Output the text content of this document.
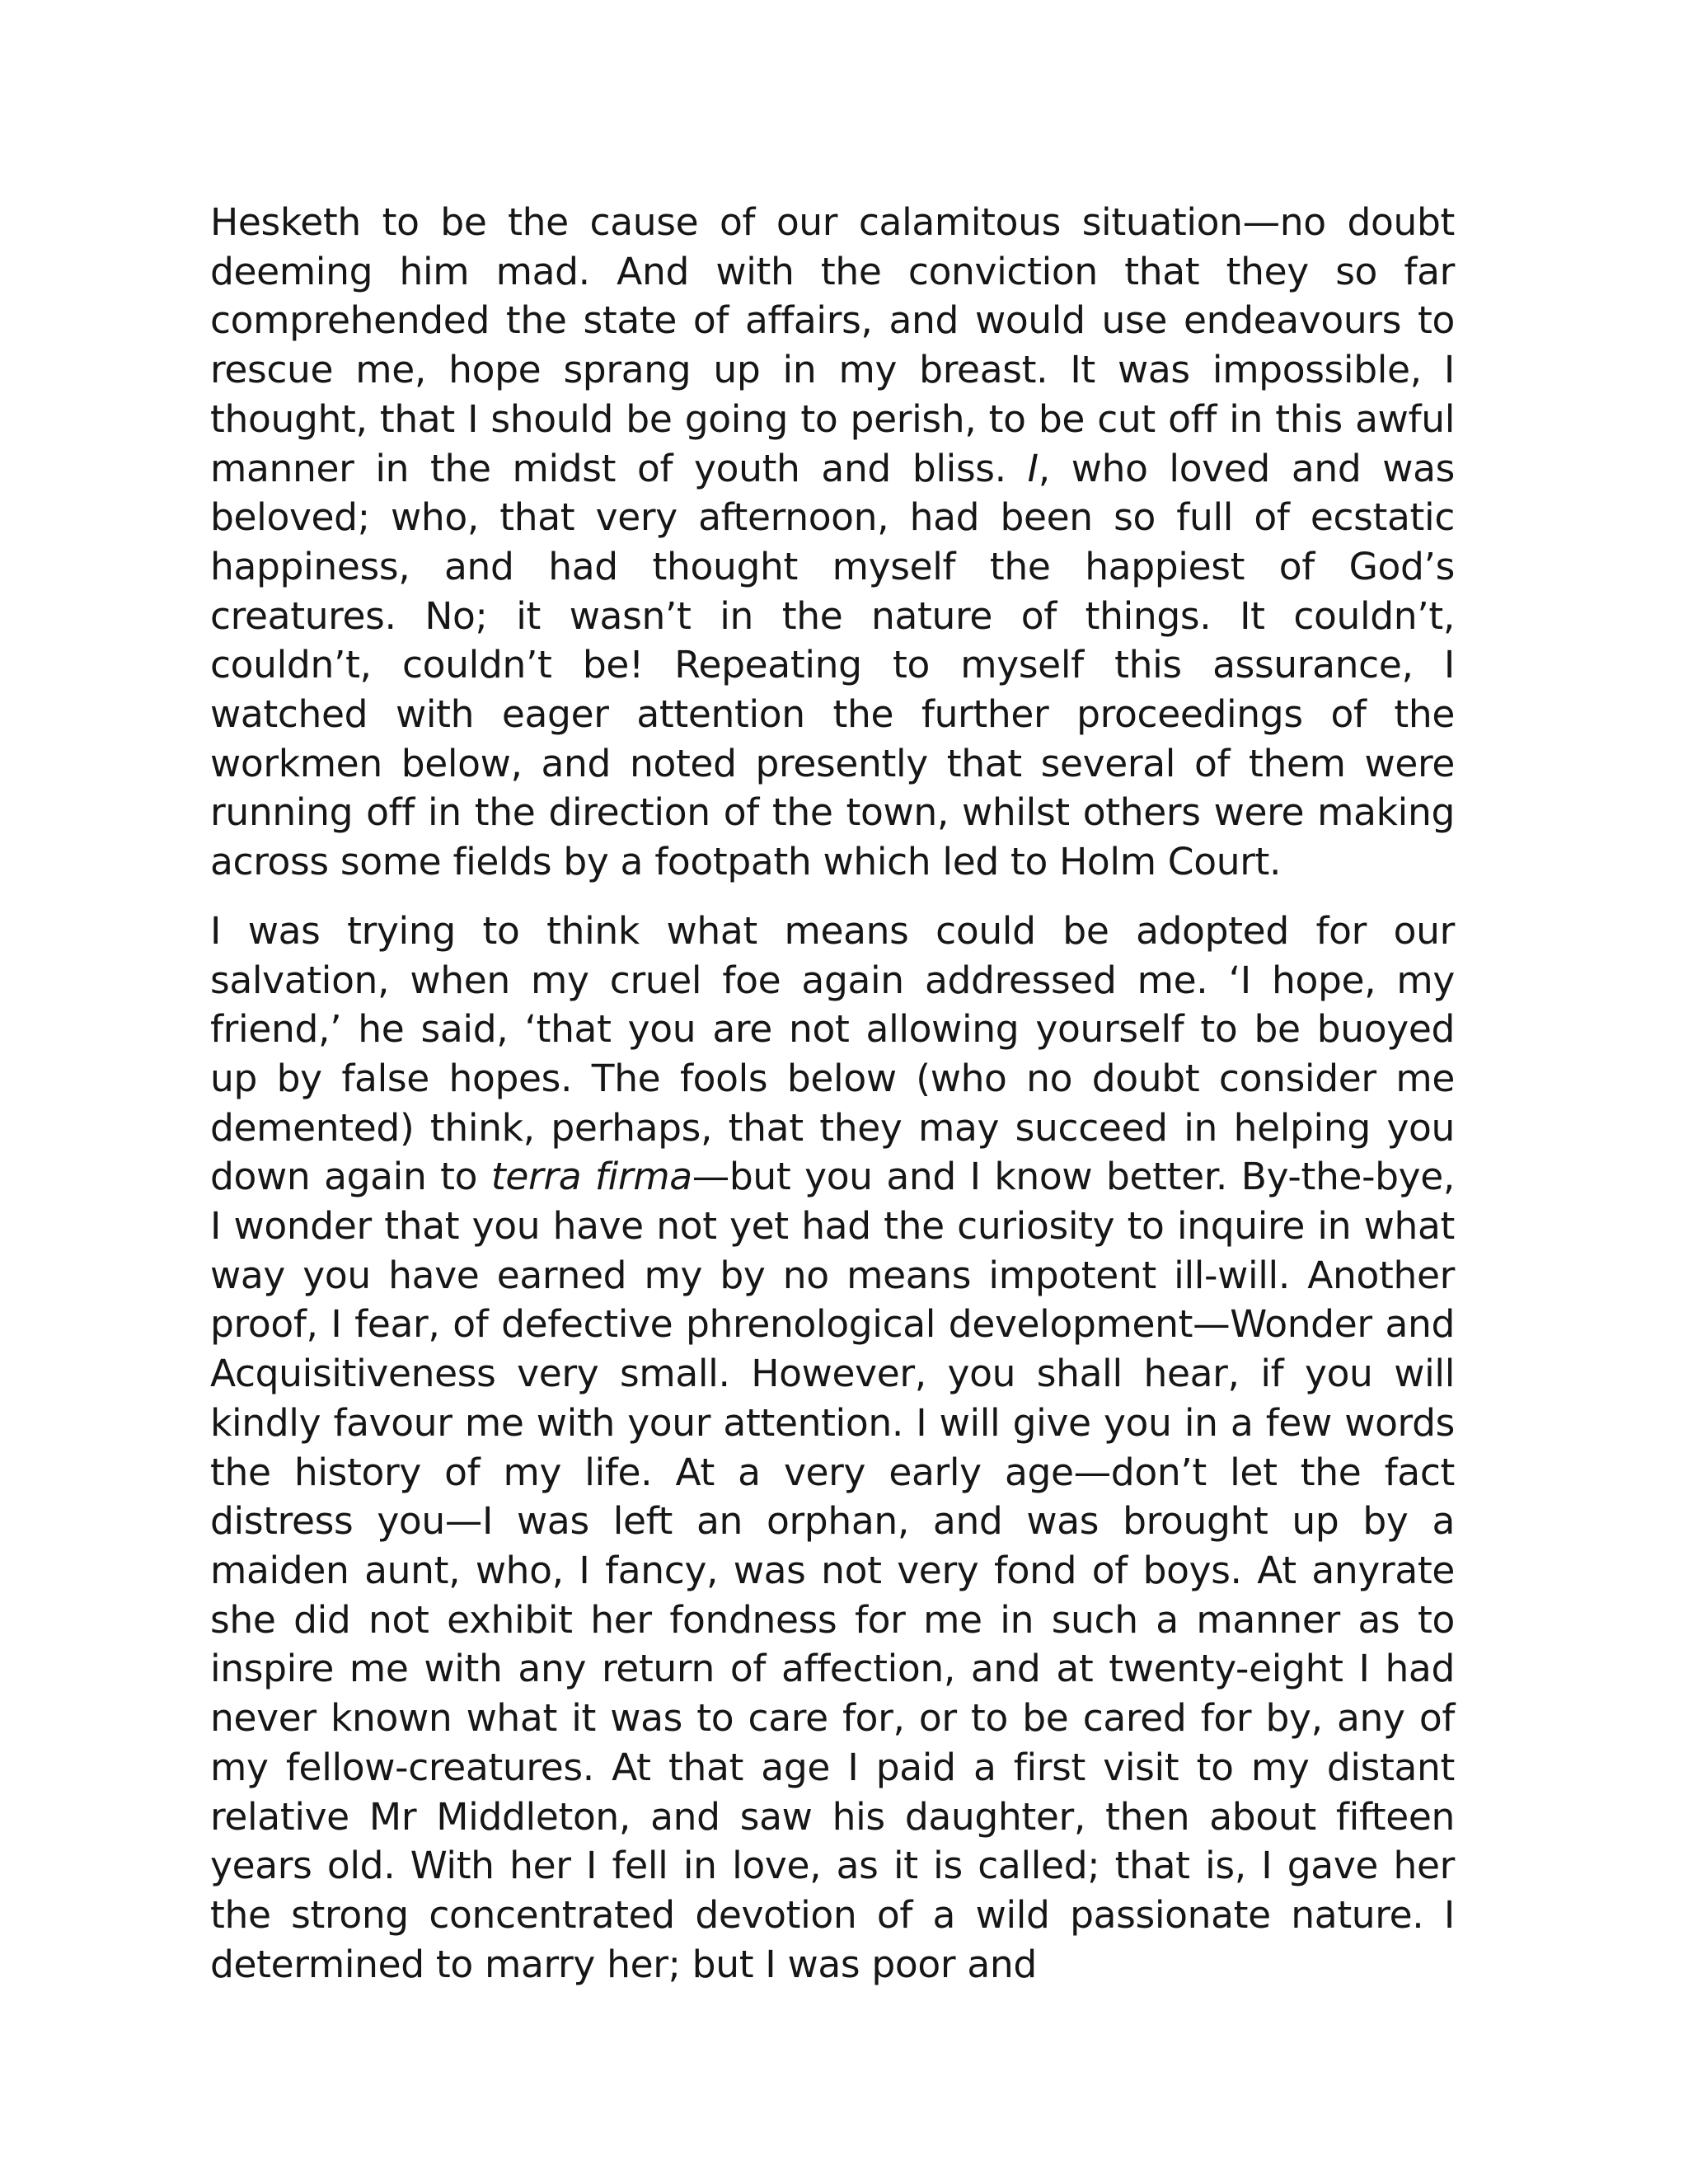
Hesketh to be the cause of our calamitous situation—no doubt deeming him mad. And with the conviction that they so far comprehended the state of affairs, and would use endeavours to rescue me, hope sprang up in my breast. It was impossible, I thought, that I should be going to perish, to be cut off in this awful manner in the midst of youth and bliss. I, who loved and was beloved; who, that very afternoon, had been so full of ecstatic happiness, and had thought myself the happiest of God’s creatures. No; it wasn’t in the nature of things. It couldn’t, couldn’t, couldn’t be! Repeating to myself this assurance, I watched with eager attention the further proceedings of the workmen below, and noted presently that several of them were running off in the direction of the town, whilst others were making across some fields by a footpath which led to Holm Court.

I was trying to think what means could be adopted for our salvation, when my cruel foe again addressed me. ‘I hope, my friend,’ he said, ‘that you are not allowing yourself to be buoyed up by false hopes. The fools below (who no doubt consider me demented) think, perhaps, that they may succeed in helping you down again to terra firma—but you and I know better. By-the-bye, I wonder that you have not yet had the curiosity to inquire in what way you have earned my by no means impotent ill-will. Another proof, I fear, of defective phrenological development—Wonder and Acquisitiveness very small. However, you shall hear, if you will kindly favour me with your attention. I will give you in a few words the history of my life. At a very early age—don’t let the fact distress you—I was left an orphan, and was brought up by a maiden aunt, who, I fancy, was not very fond of boys. At anyrate she did not exhibit her fondness for me in such a manner as to inspire me with any return of affection, and at twenty-eight I had never known what it was to care for, or to be cared for by, any of my fellow-creatures. At that age I paid a first visit to my distant relative Mr Middleton, and saw his daughter, then about fifteen years old. With her I fell in love, as it is called; that is, I gave her the strong concentrated devotion of a wild passionate nature. I determined to marry her; but I was poor and
